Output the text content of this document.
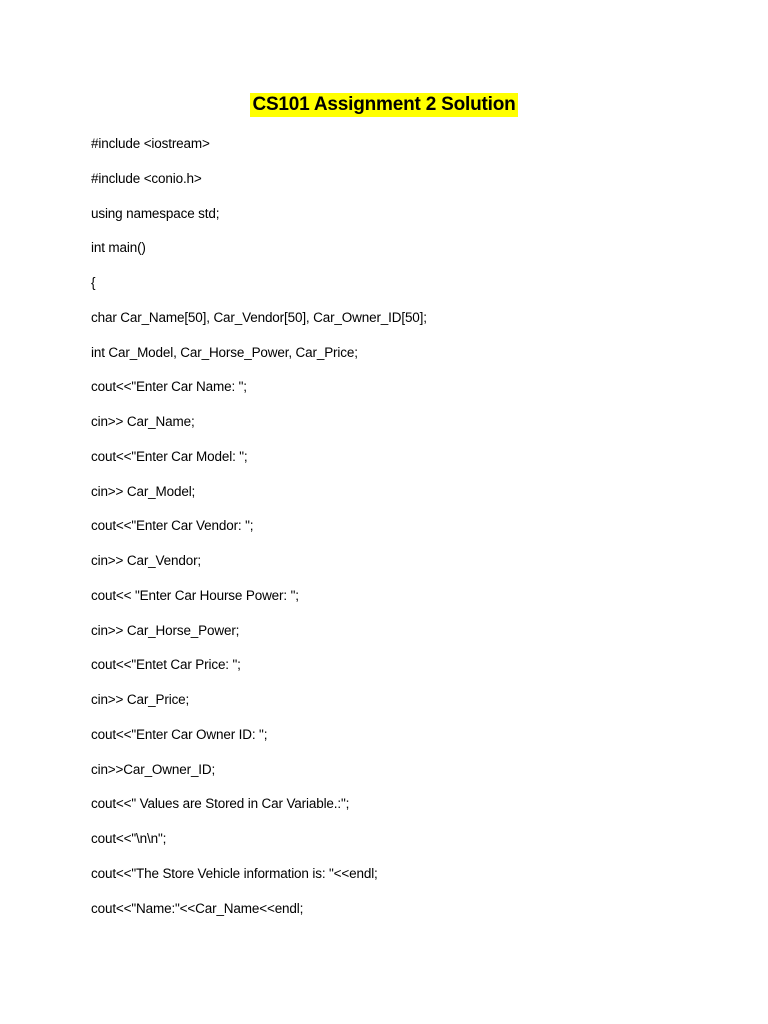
CS101 Assignment 2 Solution
#include <iostream>
#include <conio.h>
using namespace std;
int main()
{
char Car_Name[50], Car_Vendor[50], Car_Owner_ID[50];
int Car_Model, Car_Horse_Power, Car_Price;
cout<<"Enter Car Name: ";
cin>> Car_Name;
cout<<"Enter Car Model: ";
cin>> Car_Model;
cout<<"Enter Car Vendor: ";
cin>> Car_Vendor;
cout<< "Enter Car Hourse Power: ";
cin>> Car_Horse_Power;
cout<<"Entet Car Price: ";
cin>> Car_Price;
cout<<"Enter Car Owner ID: ";
cin>>Car_Owner_ID;
cout<<" Values are Stored in Car Variable.:";
cout<<"\n\n";
cout<<"The Store Vehicle information is: "<<endl;
cout<<"Name:"<<Car_Name<<endl;
